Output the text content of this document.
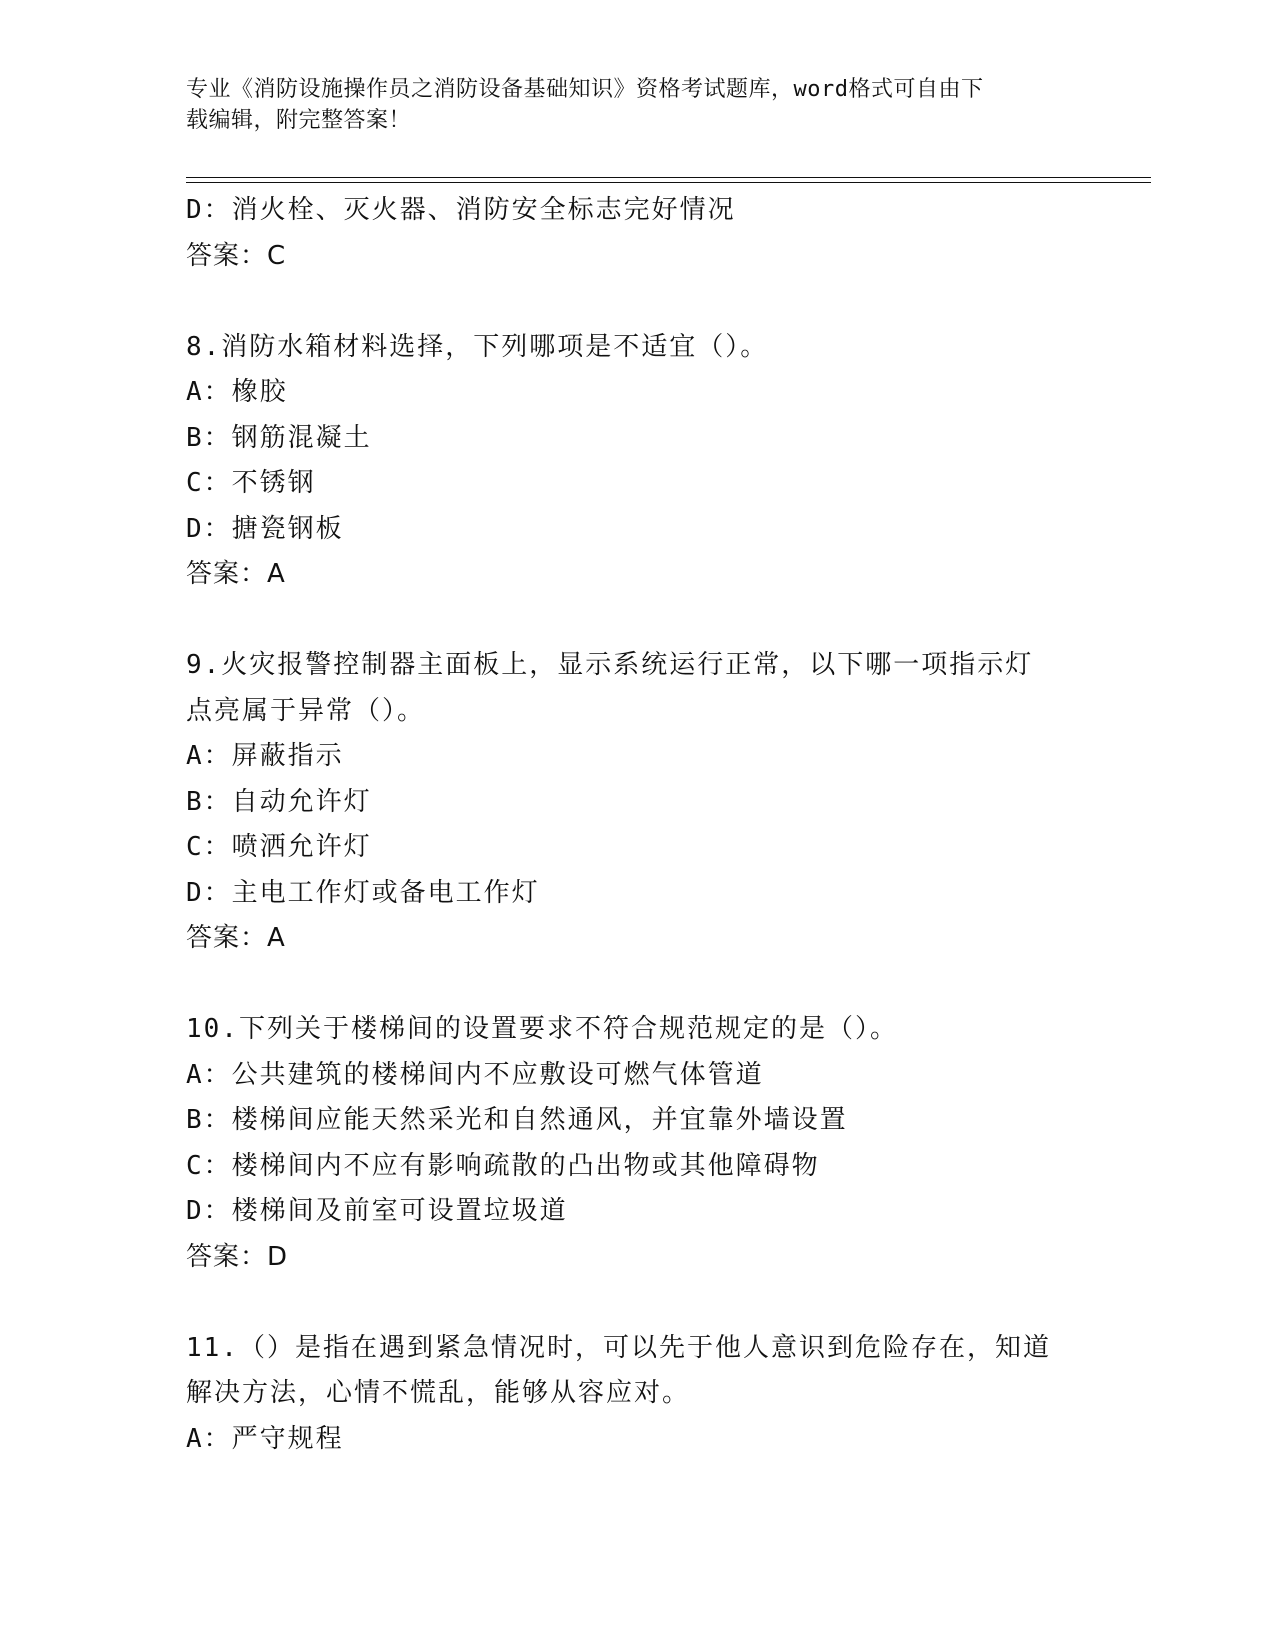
专业《消防设施操作员之消防设备基础知识》资格考试题库，word格式可自由下
载编辑，附完整答案！
D：消火栓、灭火器、消防安全标志完好情况
答案：C
8.消防水箱材料选择，下列哪项是不适宜（）。
A：橡胶
B：钢筋混凝土
C：不锈钢
D：搪瓷钢板
答案：A
9.火灾报警控制器主面板上，显示系统运行正常，以下哪一项指示灯
点亮属于异常（）。
A：屏蔽指示
B：自动允许灯
C：喷洒允许灯
D：主电工作灯或备电工作灯
答案：A
10.下列关于楼梯间的设置要求不符合规范规定的是（）。
A：公共建筑的楼梯间内不应敷设可燃气体管道
B：楼梯间应能天然采光和自然通风，并宜靠外墙设置
C：楼梯间内不应有影响疏散的凸出物或其他障碍物
D：楼梯间及前室可设置垃圾道
答案：D
11.（）是指在遇到紧急情况时，可以先于他人意识到危险存在，知道
解决方法，心情不慌乱，能够从容应对。
A：严守规程
